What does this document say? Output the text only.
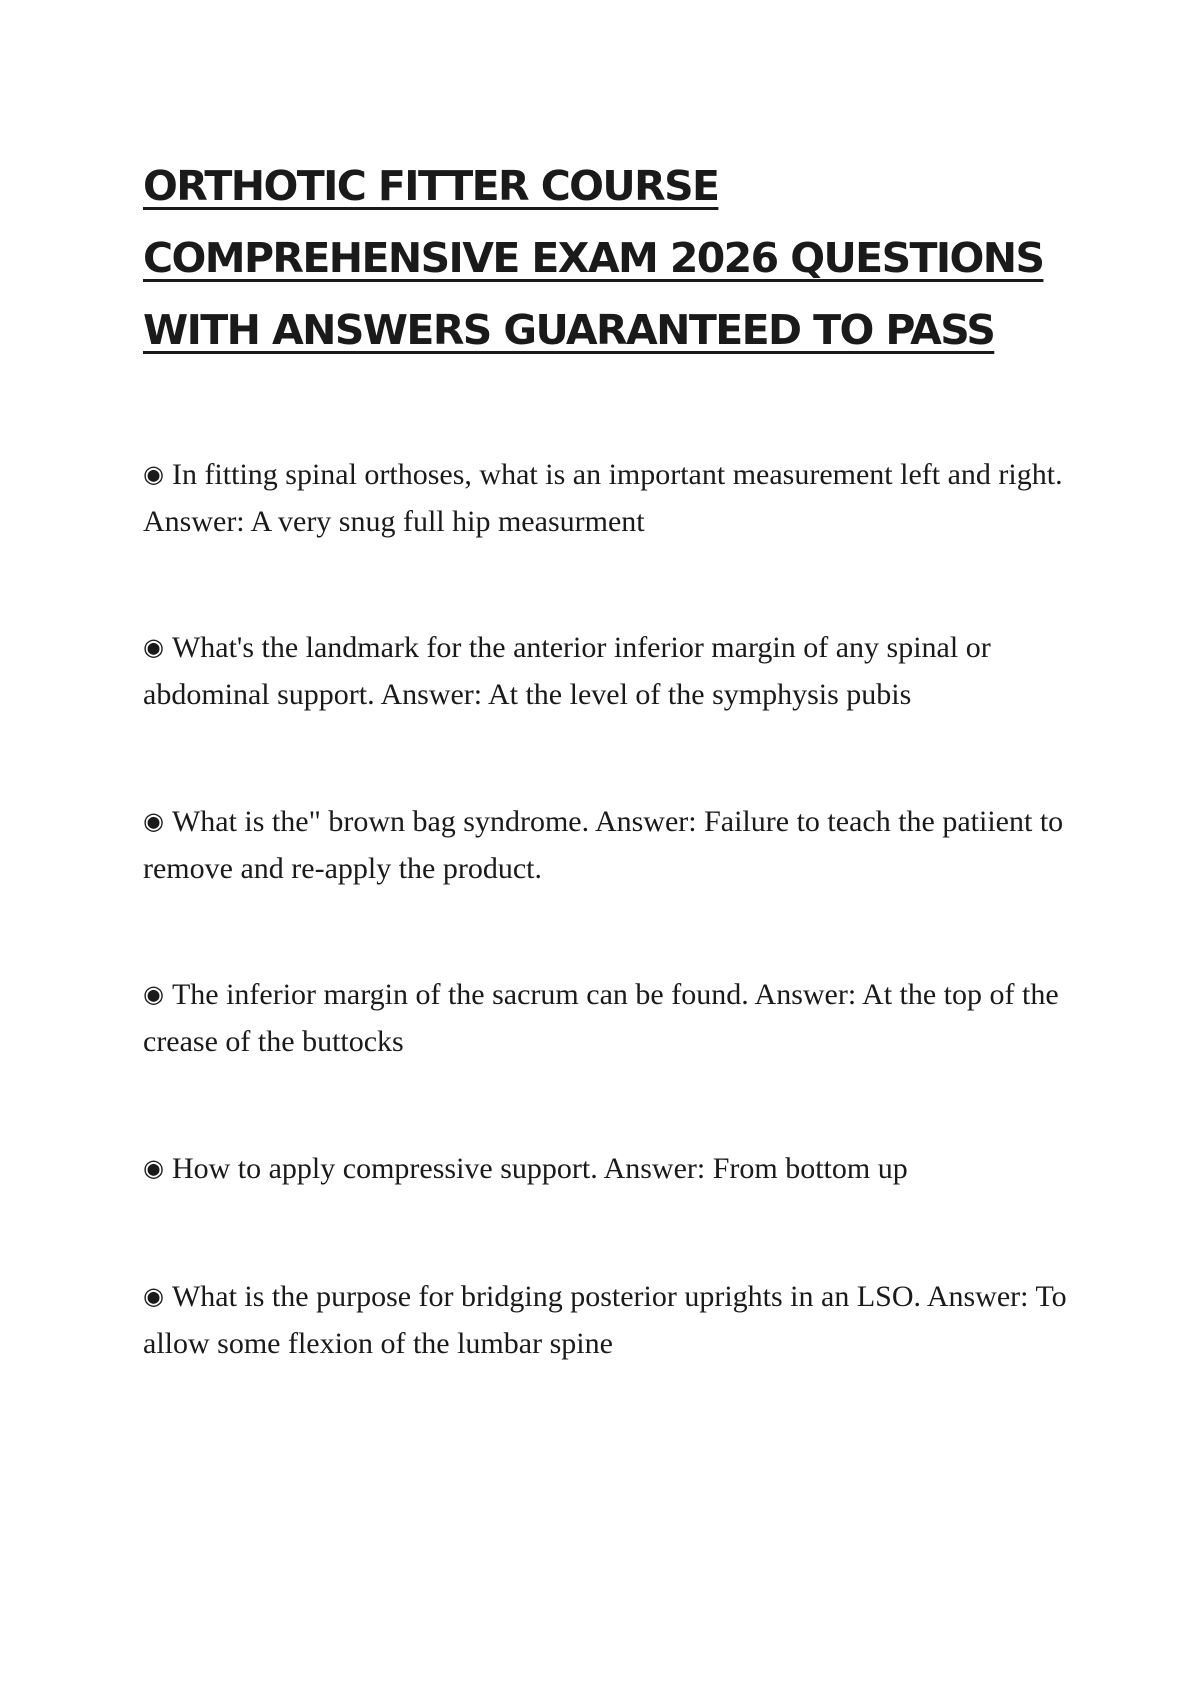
ORTHOTIC FITTER COURSE COMPREHENSIVE EXAM 2026 QUESTIONS WITH ANSWERS GUARANTEED TO PASS

◉ In fitting spinal orthoses, what is an important measurement left and right. Answer: A very snug full hip measurment

◉ What's the landmark for the anterior inferior margin of any spinal or abdominal support. Answer: At the level of the symphysis pubis

◉ What is the" brown bag syndrome. Answer: Failure to teach the patiient to remove and re-apply the product.

◉ The inferior margin of the sacrum can be found. Answer: At the top of the crease of the buttocks

◉ How to apply compressive support. Answer: From bottom up

◉ What is the purpose for bridging posterior uprights in an LSO. Answer: To allow some flexion of the lumbar spine
